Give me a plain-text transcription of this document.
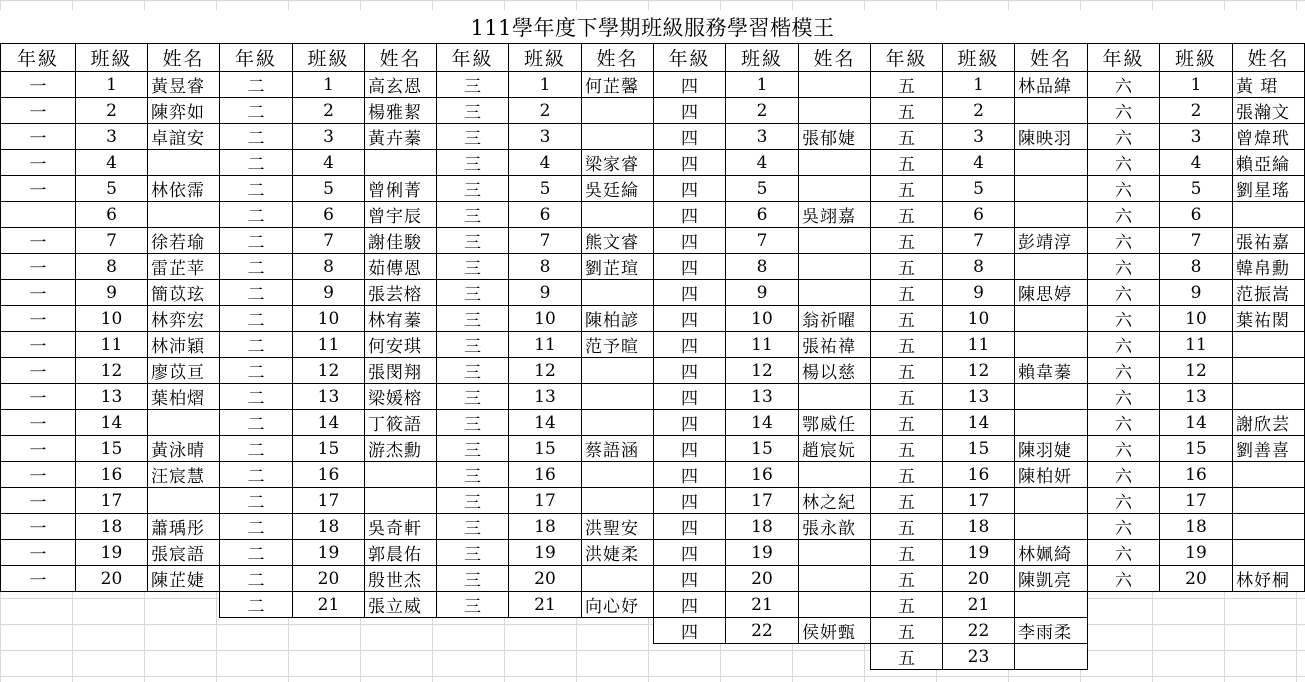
111學年度下學期班級服務學習楷模王
年級	班級	姓名	年級	班級	姓名	年級	班級	姓名	年級	班級	姓名	年級	班級	姓名	年級	班級	姓名
一	1	黃昱睿	二	1	高玄恩	三	1	何芷馨	四	1		五	1	林品緯	六	1	黃 珺
一	2	陳弈如	二	2	楊雅絜	三	2		四	2		五	2		六	2	張瀚文
一	3	卓誼安	二	3	黃卉蓁	三	3		四	3	張郁婕	五	3	陳映羽	六	3	曾煒玳
一	4		二	4		三	4	梁家睿	四	4		五	4		六	4	賴亞綸
一	5	林依霈	二	5	曾俐菁	三	5	吳廷綸	四	5		五	5		六	5	劉星瑤
	6		二	6	曾宇辰	三	6		四	6	吳翊嘉	五	6		六	6	
一	7	徐若瑜	二	7	謝佳駿	三	7	熊文睿	四	7		五	7	彭靖淳	六	7	張祐嘉
一	8	雷芷苹	二	8	茹傳恩	三	8	劉芷瑄	四	8		五	8		六	8	韓帛勳
一	9	簡苡玹	二	9	張芸榕	三	9		四	9		五	9	陳思婷	六	9	范振嵩
一	10	林弈宏	二	10	林宥蓁	三	10	陳柏諺	四	10	翁祈曜	五	10		六	10	葉祐閎
一	11	林沛穎	二	11	何安琪	三	11	范予暄	四	11	張祐禕	五	11		六	11	
一	12	廖苡亘	二	12	張閔翔	三	12		四	12	楊以慈	五	12	賴韋蓁	六	12	
一	13	葉柏熠	二	13	梁媛榕	三	13		四	13		五	13		六	13	
一	14		二	14	丁筱語	三	14		四	14	鄂威任	五	14		六	14	謝欣芸
一	15	黃泳晴	二	15	游杰勳	三	15	蔡語涵	四	15	趙宸妧	五	15	陳羽婕	六	15	劉善喜
一	16	汪宸慧	二	16		三	16		四	16		五	16	陳柏妍	六	16	
一	17		二	17		三	17		四	17	林之紀	五	17		六	17	
一	18	蕭瑀彤	二	18	吳奇軒	三	18	洪聖安	四	18	張永歆	五	18		六	18	
一	19	張宸語	二	19	郭晨佑	三	19	洪婕柔	四	19		五	19	林姵綺	六	19	
一	20	陳芷婕	二	20	殷世杰	三	20		四	20		五	20	陳凱亮	六	20	林妤桐
			二	21	張立威	三	21	向心妤	四	21		五	21				
									四	22	侯妍甄	五	22	李雨柔			
												五	23				
